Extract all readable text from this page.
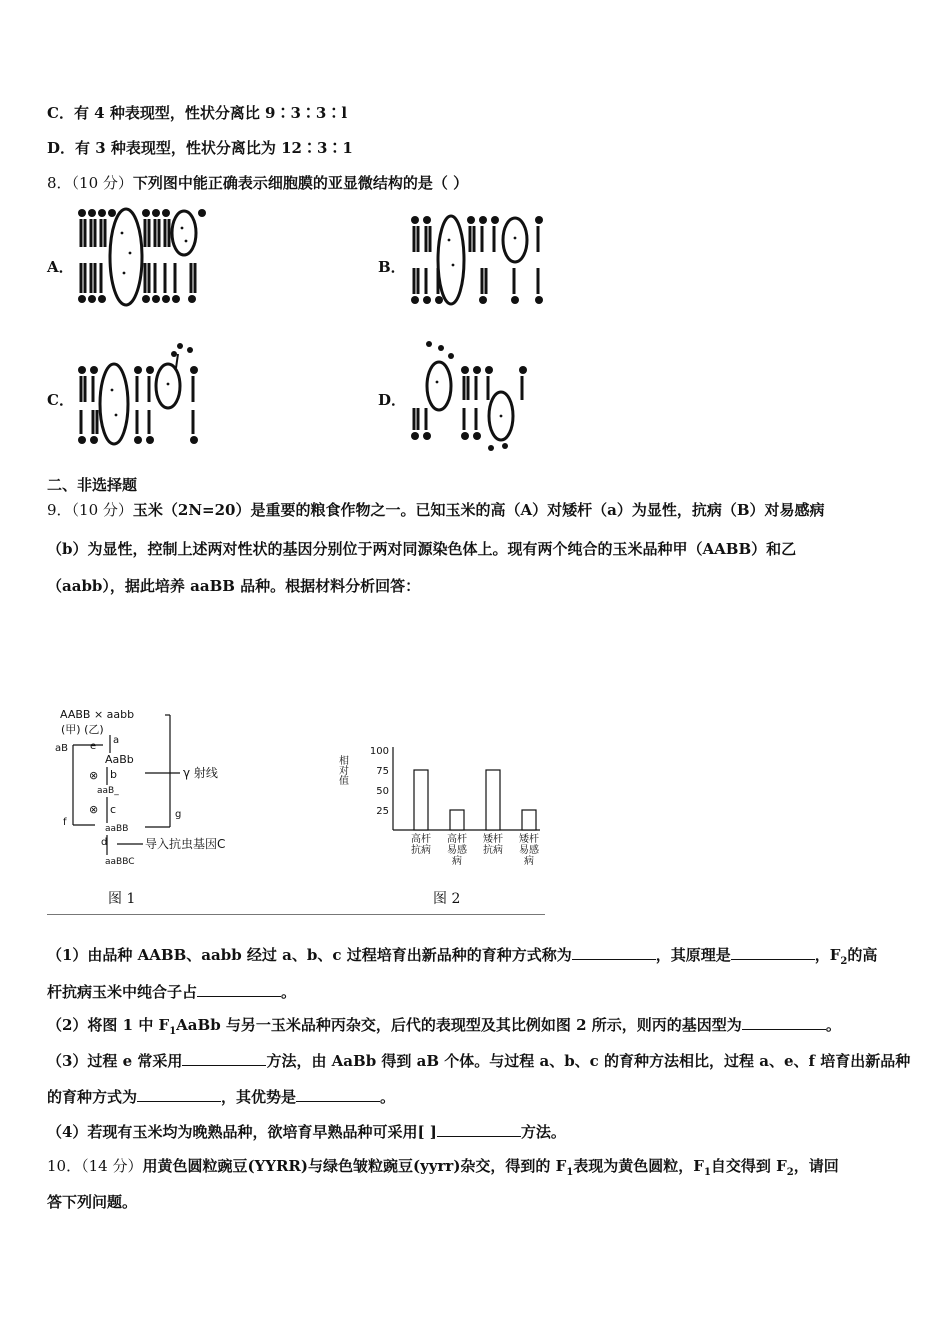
C．有 4 种表现型，性状分离比 9∶3∶3∶l
D．有 3 种表现型，性状分离比为 12∶3∶1
8．（10 分）下列图中能正确表示细胞膜的亚显微结构的是（ ）
A．	B．
C．	D．
二、非选择题
9．（10 分）玉米（2N=20）是重要的粮食作物之一。已知玉米的高（A）对矮杆（a）为显性，抗病（B）对易感病
（b）为显性，控制上述两对性状的基因分别位于两对同源染色体上。现有两个纯合的玉米品种甲（AABB）和乙
（aabb），据此培养 aaBB 品种。根据材料分析回答：
AABB × aabb
(甲) (乙)
aB e
a
AaBb
⊗ b
aaB_
⊗ c
aaBB
d
aaBBC
f
g
γ 射线
导入抗虫基因C
图 1
相对值
100
75
50
25
高杆抗病
高杆易感病
矮杆抗病
矮杆易感病
图 2
（1）由品种 AABB、aabb 经过 a、b、c 过程培育出新品种的育种方式称为	，其原理是	，$F_2$的高
杆抗病玉米中纯合子占	。
（2）将图 1 中 $F_1AaBb$ 与另一玉米品种丙杂交，后代的表现型及其比例如图 2 所示，则丙的基因型为	。
（3）过程 e 常采用	方法，由 AaBb 得到 aB 个体。与过程 a、b、c 的育种方法相比，过程 a、e、f 培育出新品种
的育种方式为	，其优势是	。
（4）若现有玉米均为晚熟品种，欲培育早熟品种可采用[ ]	方法。
10．（14 分）用黄色圆粒豌豆(YYRR)与绿色皱粒豌豆(yyrr)杂交，得到的 $F_1$表现为黄色圆粒，$F_1$自交得到 $F_2$，请回
答下列问题。
